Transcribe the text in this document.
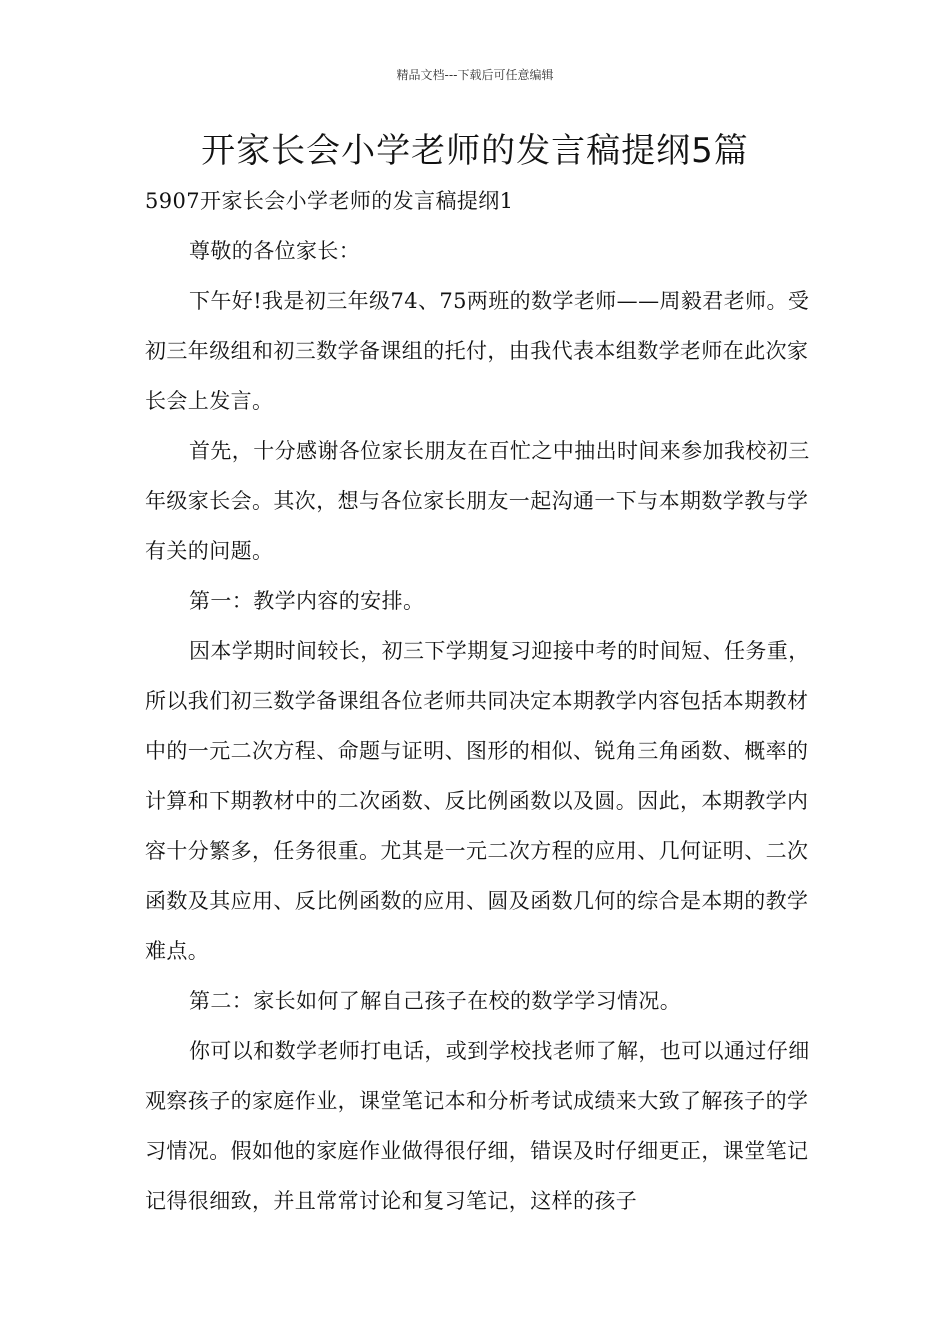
精品文档---下载后可任意编辑
开家长会小学老师的发言稿提纲5篇

5907开家长会小学老师的发言稿提纲1

尊敬的各位家长：

下午好!我是初三年级74、75两班的数学老师——周毅君老师。受初三年级组和初三数学备课组的托付，由我代表本组数学老师在此次家长会上发言。

首先，十分感谢各位家长朋友在百忙之中抽出时间来参加我校初三年级家长会。其次，想与各位家长朋友一起沟通一下与本期数学教与学有关的问题。

第一：教学内容的安排。

因本学期时间较长，初三下学期复习迎接中考的时间短、任务重，所以我们初三数学备课组各位老师共同决定本期教学内容包括本期教材中的一元二次方程、命题与证明、图形的相似、锐角三角函数、概率的计算和下期教材中的二次函数、反比例函数以及圆。因此，本期教学内容十分繁多，任务很重。尤其是一元二次方程的应用、几何证明、二次函数及其应用、反比例函数的应用、圆及函数几何的综合是本期的教学难点。

第二：家长如何了解自己孩子在校的数学学习情况。

你可以和数学老师打电话，或到学校找老师了解，也可以通过仔细观察孩子的家庭作业，课堂笔记本和分析考试成绩来大致了解孩子的学习情况。假如他的家庭作业做得很仔细，错误及时仔细更正，课堂笔记记得很细致，并且常常讨论和复习笔记，这样的孩子
